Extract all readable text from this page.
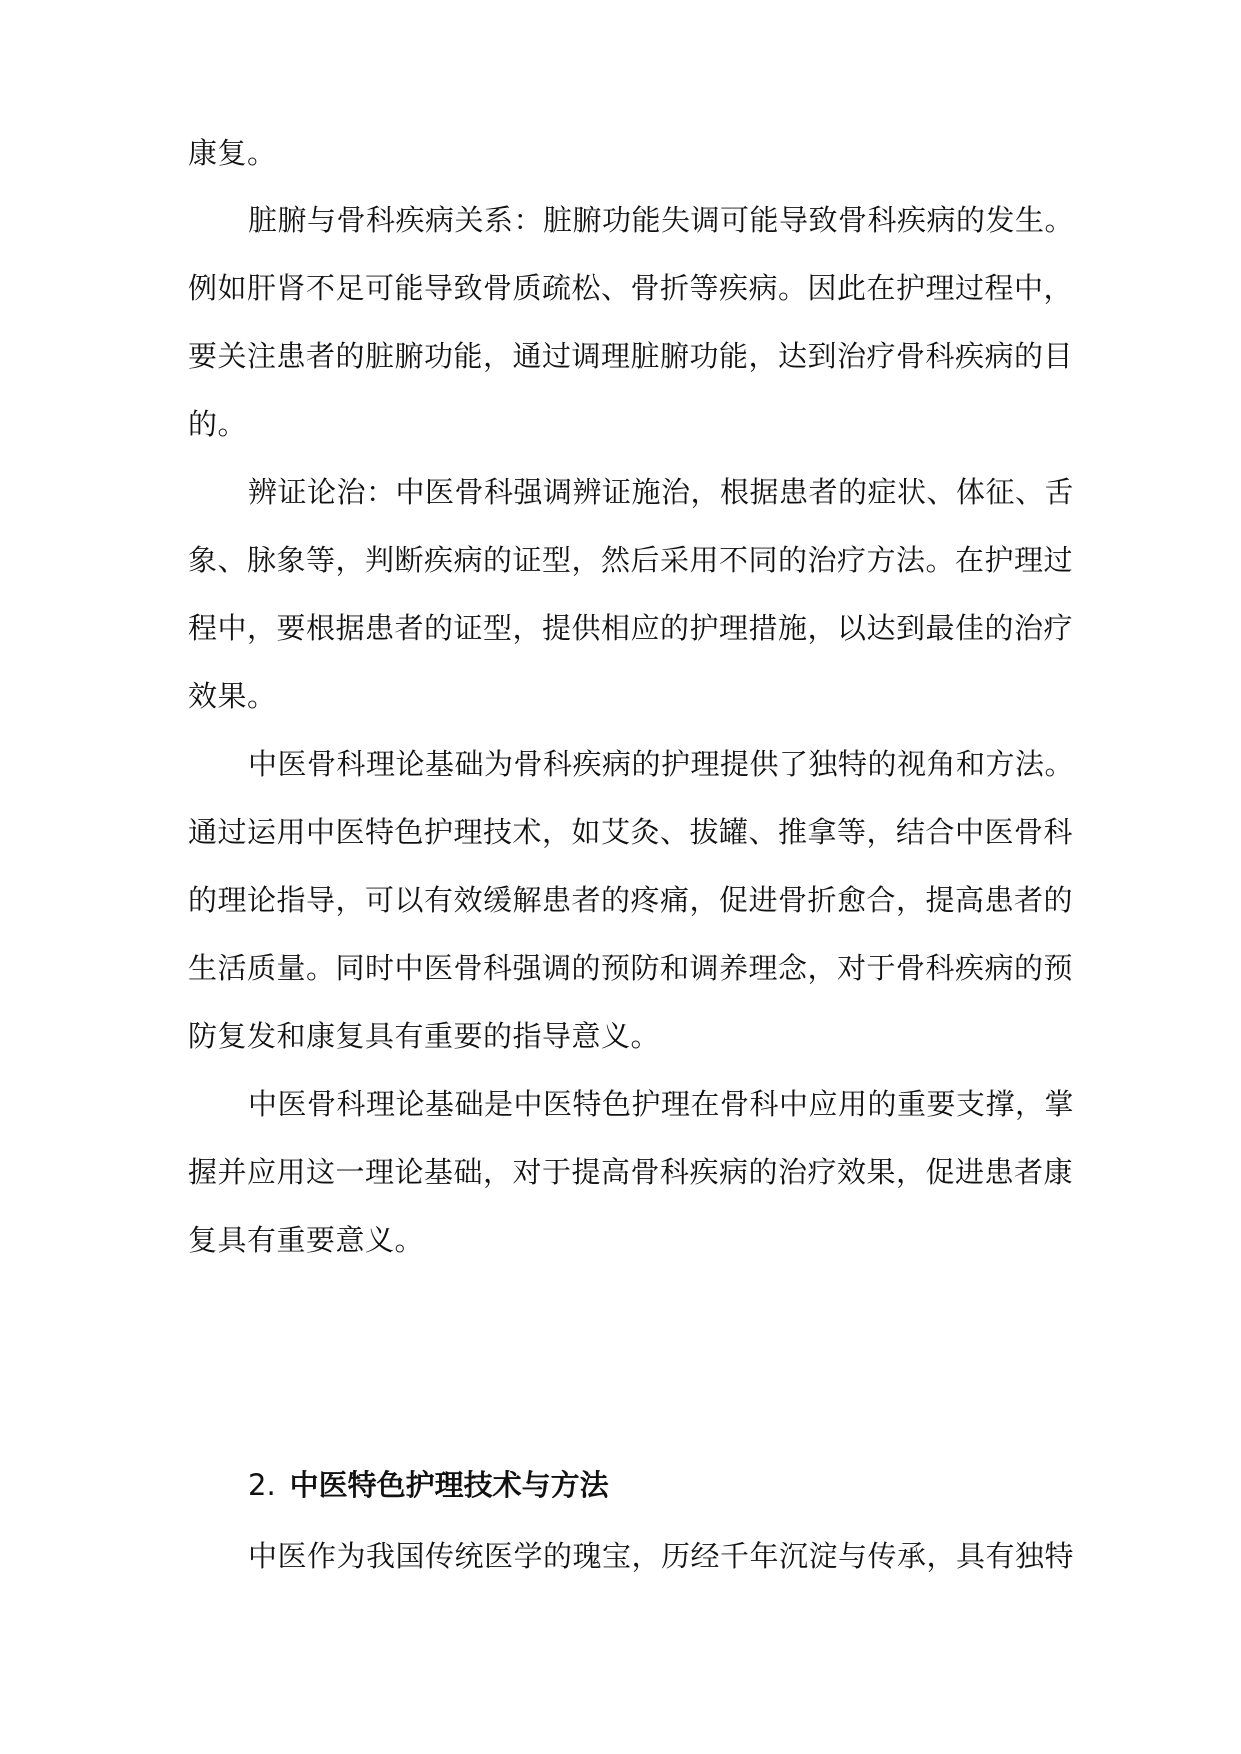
康复。
脏腑与骨科疾病关系：脏腑功能失调可能导致骨科疾病的发生。
例如肝肾不足可能导致骨质疏松、骨折等疾病。因此在护理过程中，
要关注患者的脏腑功能，通过调理脏腑功能，达到治疗骨科疾病的目
的。
辨证论治：中医骨科强调辨证施治，根据患者的症状、体征、舌
象、脉象等，判断疾病的证型，然后采用不同的治疗方法。在护理过
程中，要根据患者的证型，提供相应的护理措施，以达到最佳的治疗
效果。
中医骨科理论基础为骨科疾病的护理提供了独特的视角和方法。
通过运用中医特色护理技术，如艾灸、拔罐、推拿等，结合中医骨科
的理论指导，可以有效缓解患者的疼痛，促进骨折愈合，提高患者的
生活质量。同时中医骨科强调的预防和调养理念，对于骨科疾病的预
防复发和康复具有重要的指导意义。
中医骨科理论基础是中医特色护理在骨科中应用的重要支撑，掌
握并应用这一理论基础，对于提高骨科疾病的治疗效果，促进患者康
复具有重要意义。
2. 中医特色护理技术与方法
中医作为我国传统医学的瑰宝，历经千年沉淀与传承，具有独特
